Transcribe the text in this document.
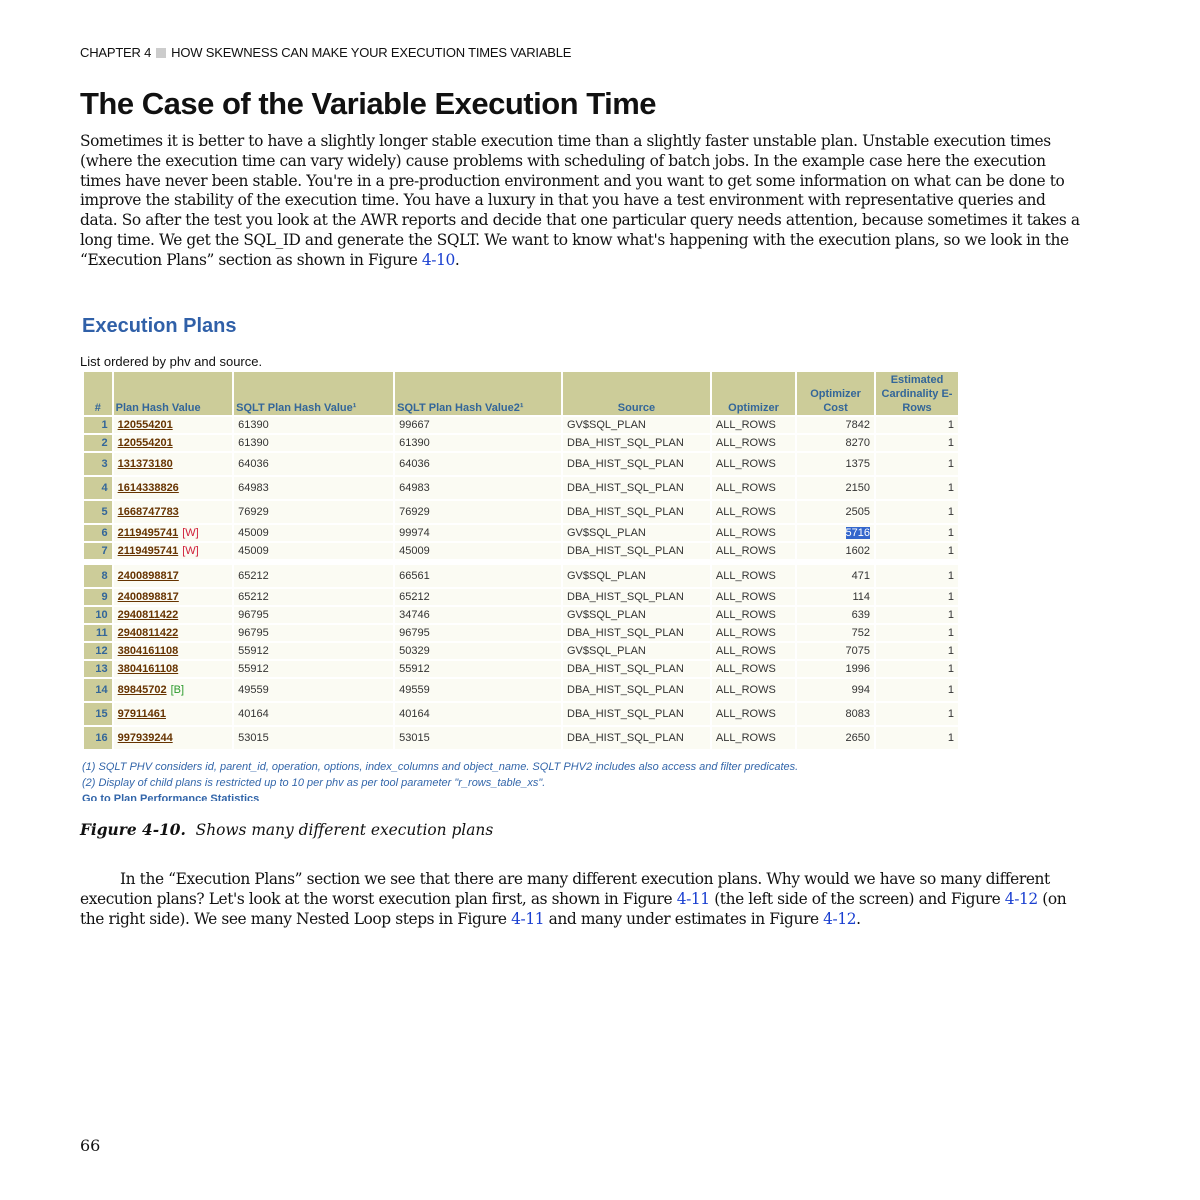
CHAPTER 4 HOW SKEWNESS CAN MAKE YOUR EXECUTION TIMES VARIABLE
The Case of the Variable Execution Time

Sometimes it is better to have a slightly longer stable execution time than a slightly faster unstable plan. Unstable execution times (where the execution time can vary widely) cause problems with scheduling of batch jobs. In the example case here the execution times have never been stable. You're in a pre-production environment and you want to get some information on what can be done to improve the stability of the execution time. You have a luxury in that you have a test environment with representative queries and data. So after the test you look at the AWR reports and decide that one particular query needs attention, because sometimes it takes a long time. We get the SQL_ID and generate the SQLT. We want to know what's happening with the execution plans, so we look in the “Execution Plans” section as shown in Figure 4-10.

Execution Plans
List ordered by phv and source.
#	Plan Hash Value	SQLT Plan Hash Value¹	SQLT Plan Hash Value2¹	Source	Optimizer	Optimizer Cost	Estimated Cardinality E-Rows
1	120554201	61390	99667	GV$SQL_PLAN	ALL_ROWS	7842	1
2	120554201	61390	61390	DBA_HIST_SQL_PLAN	ALL_ROWS	8270	1
3	131373180	64036	64036	DBA_HIST_SQL_PLAN	ALL_ROWS	1375	1
4	1614338826	64983	64983	DBA_HIST_SQL_PLAN	ALL_ROWS	2150	1
5	1668747783	76929	76929	DBA_HIST_SQL_PLAN	ALL_ROWS	2505	1
6	2119495741 [W]	45009	99974	GV$SQL_PLAN	ALL_ROWS	5716	1
7	2119495741 [W]	45009	45009	DBA_HIST_SQL_PLAN	ALL_ROWS	1602	1

8	2400898817	65212	66561	GV$SQL_PLAN	ALL_ROWS	471	1
9	2400898817	65212	65212	DBA_HIST_SQL_PLAN	ALL_ROWS	114	1
10	2940811422	96795	34746	GV$SQL_PLAN	ALL_ROWS	639	1
11	2940811422	96795	96795	DBA_HIST_SQL_PLAN	ALL_ROWS	752	1
12	3804161108	55912	50329	GV$SQL_PLAN	ALL_ROWS	7075	1
13	3804161108	55912	55912	DBA_HIST_SQL_PLAN	ALL_ROWS	1996	1
14	89845702 [B]	49559	49559	DBA_HIST_SQL_PLAN	ALL_ROWS	994	1
15	97911461	40164	40164	DBA_HIST_SQL_PLAN	ALL_ROWS	8083	1
16	997939244	53015	53015	DBA_HIST_SQL_PLAN	ALL_ROWS	2650	1
(1) SQLT PHV considers id, parent_id, operation, options, index_columns and object_name. SQLT PHV2 includes also access and filter predicates.
(2) Display of child plans is restricted up to 10 per phv as per tool parameter "r_rows_table_xs".
Go to Plan Performance Statistics
Figure 4-10. Shows many different execution plans

In the “Execution Plans” section we see that there are many different execution plans. Why would we have so many different execution plans? Let's look at the worst execution plan first, as shown in Figure 4-11 (the left side of the screen) and Figure 4-12 (on the right side). We see many Nested Loop steps in Figure 4-11 and many under estimates in Figure 4-12.

66
